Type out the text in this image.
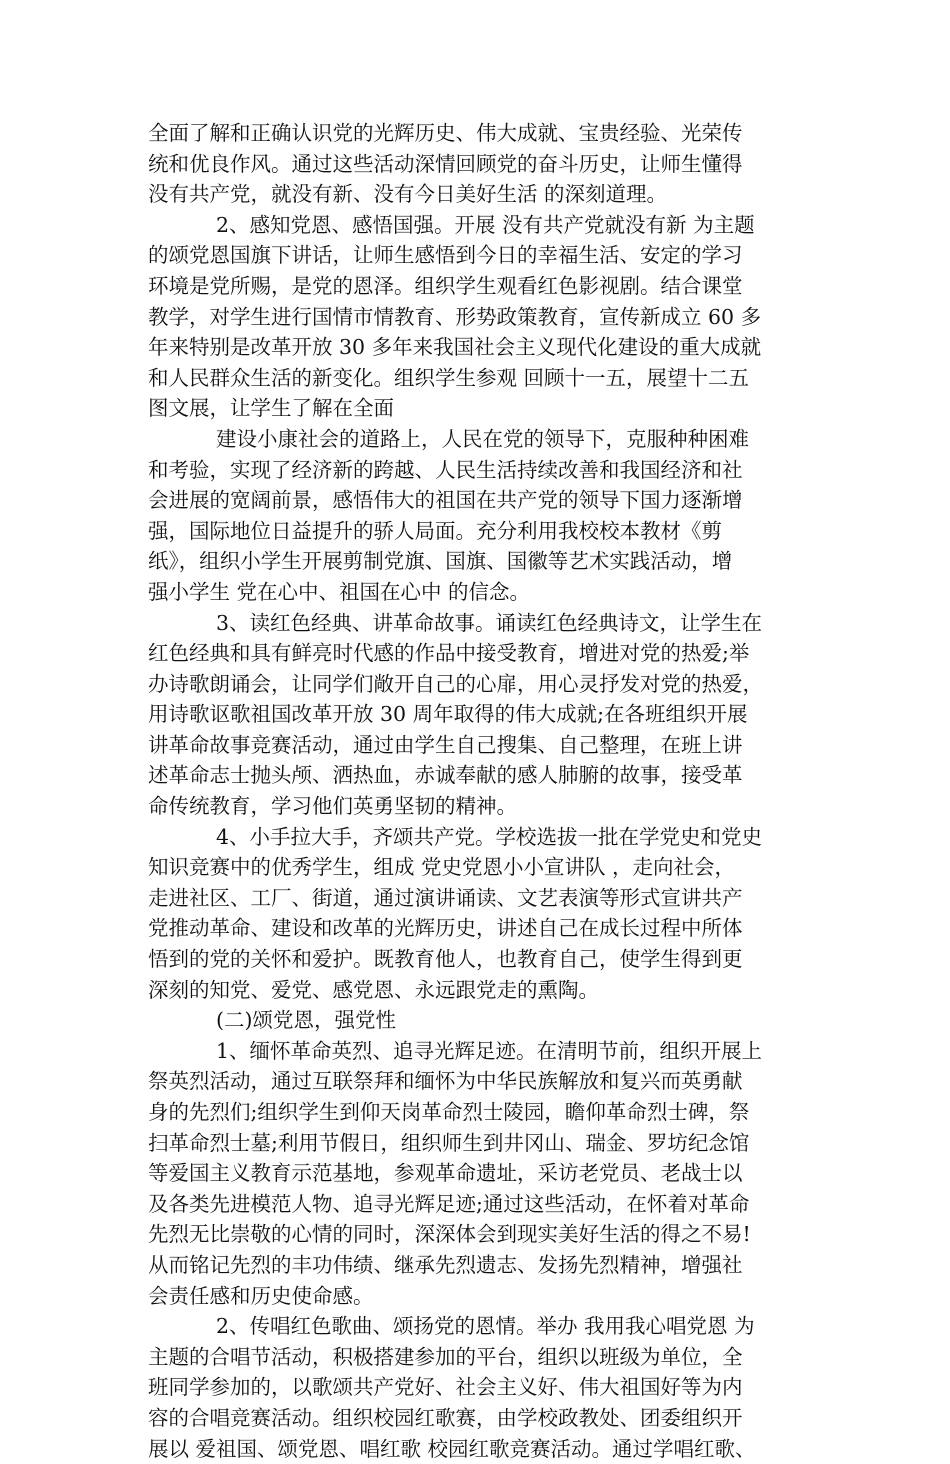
全面了解和正确认识党的光辉历史、伟大成就、宝贵经验、光荣传
统和优良作风。通过这些活动深情回顾党的奋斗历史，让师生懂得
没有共产党，就没有新、没有今日美好生活 的深刻道理。
2、感知党恩、感悟国强。开展 没有共产党就没有新 为主题
的颂党恩国旗下讲话，让师生感悟到今日的幸福生活、安定的学习
环境是党所赐，是党的恩泽。组织学生观看红色影视剧。结合课堂
教学，对学生进行国情市情教育、形势政策教育，宣传新成立 60 多
年来特别是改革开放 30 多年来我国社会主义现代化建设的重大成就
和人民群众生活的新变化。组织学生参观 回顾十一五，展望十二五
图文展，让学生了解在全面
建设小康社会的道路上，人民在党的领导下，克服种种困难
和考验，实现了经济新的跨越、人民生活持续改善和我国经济和社
会进展的宽阔前景，感悟伟大的祖国在共产党的领导下国力逐渐增
强，国际地位日益提升的骄人局面。充分利用我校校本教材《剪
纸》，组织小学生开展剪制党旗、国旗、国徽等艺术实践活动，增
强小学生 党在心中、祖国在心中 的信念。
3、读红色经典、讲革命故事。诵读红色经典诗文，让学生在
红色经典和具有鲜亮时代感的作品中接受教育，增进对党的热爱;举
办诗歌朗诵会，让同学们敞开自己的心扉，用心灵抒发对党的热爱，
用诗歌讴歌祖国改革开放 30 周年取得的伟大成就;在各班组织开展
讲革命故事竞赛活动，通过由学生自己搜集、自己整理，在班上讲
述革命志士抛头颅、洒热血，赤诚奉献的感人肺腑的故事，接受革
命传统教育，学习他们英勇坚韧的精神。
4、小手拉大手，齐颂共产党。学校选拔一批在学党史和党史
知识竞赛中的优秀学生，组成 党史党恩小小宣讲队 ，走向社会，
走进社区、工厂、街道，通过演讲诵读、文艺表演等形式宣讲共产
党推动革命、建设和改革的光辉历史，讲述自己在成长过程中所体
悟到的党的关怀和爱护。既教育他人，也教育自己，使学生得到更
深刻的知党、爱党、感党恩、永远跟党走的熏陶。
(二)颂党恩，强党性
1、缅怀革命英烈、追寻光辉足迹。在清明节前，组织开展上
祭英烈活动，通过互联祭拜和缅怀为中华民族解放和复兴而英勇献
身的先烈们;组织学生到仰天岗革命烈士陵园，瞻仰革命烈士碑，祭
扫革命烈士墓;利用节假日，组织师生到井冈山、瑞金、罗坊纪念馆
等爱国主义教育示范基地，参观革命遗址，采访老党员、老战士以
及各类先进模范人物、追寻光辉足迹;通过这些活动，在怀着对革命
先烈无比崇敬的心情的同时，深深体会到现实美好生活的得之不易!
从而铭记先烈的丰功伟绩、继承先烈遗志、发扬先烈精神，增强社
会责任感和历史使命感。
2、传唱红色歌曲、颂扬党的恩情。举办 我用我心唱党恩 为
主题的合唱节活动，积极搭建参加的平台，组织以班级为单位，全
班同学参加的，以歌颂共产党好、社会主义好、伟大祖国好等为内
容的合唱竞赛活动。组织校园红歌赛，由学校政教处、团委组织开
展以 爱祖国、颂党恩、唱红歌 校园红歌竞赛活动。通过学唱红歌、
